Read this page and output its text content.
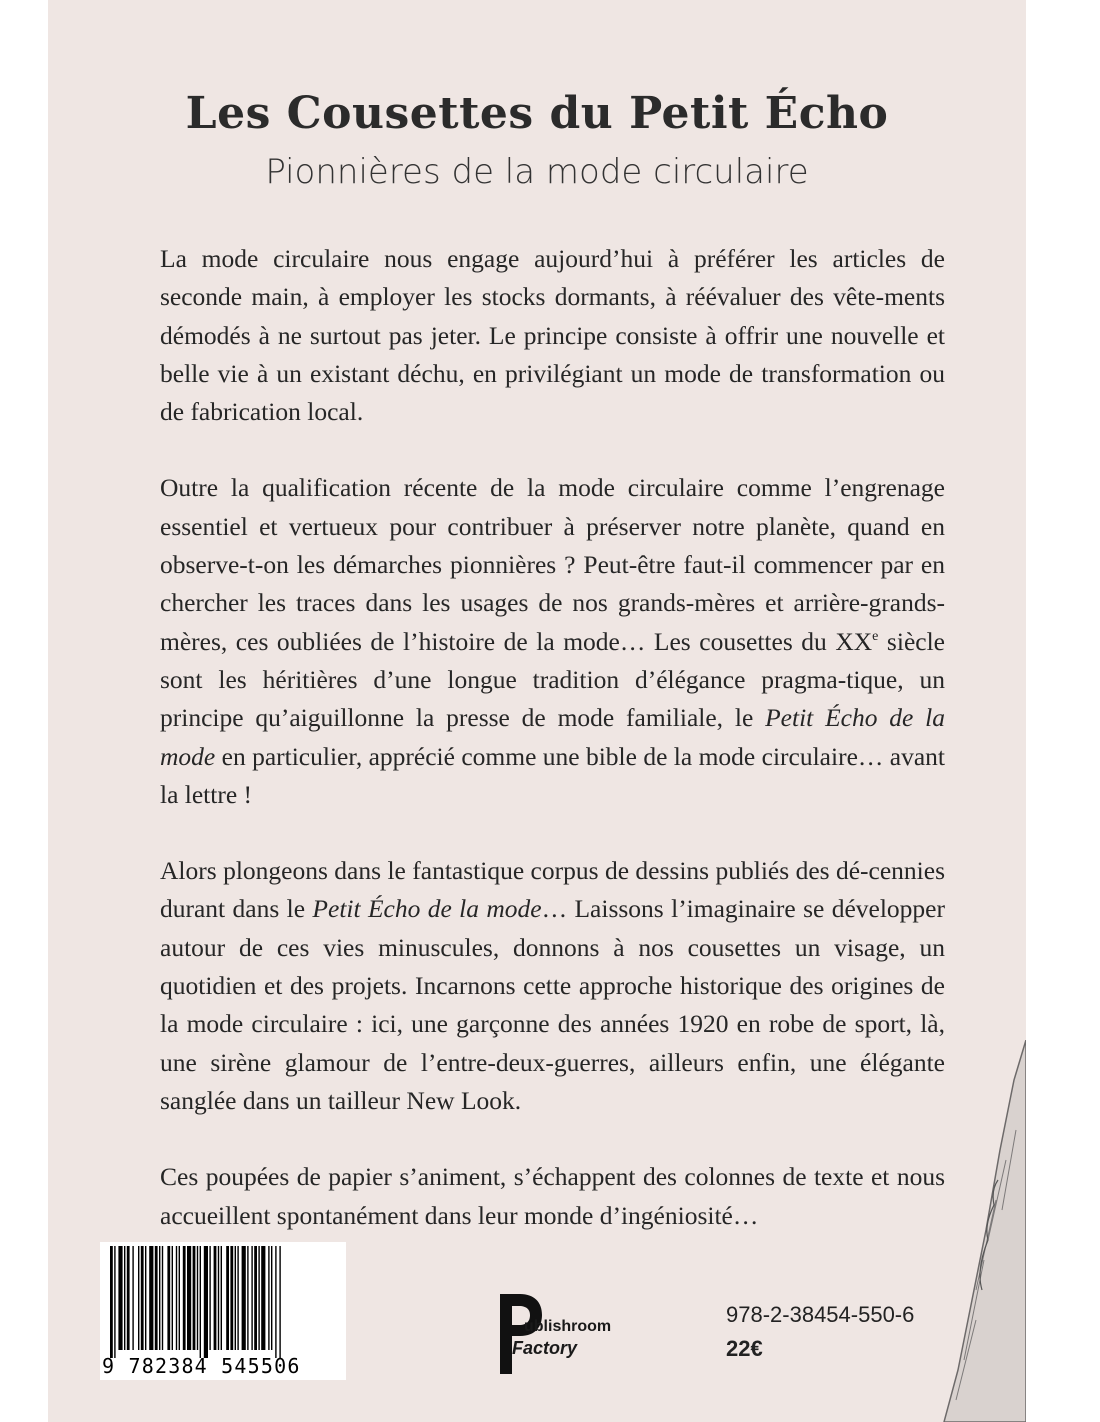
Les Cousettes du Petit Écho
Pionnières de la mode circulaire

La mode circulaire nous engage aujourd’hui à préférer les articles de seconde main, à employer les stocks dormants, à réévaluer des vête-ments démodés à ne surtout pas jeter. Le principe consiste à offrir une nouvelle et belle vie à un existant déchu, en privilégiant un mode de transformation ou de fabrication local.

Outre la qualification récente de la mode circulaire comme l’engrenage essentiel et vertueux pour contribuer à préserver notre planète, quand en observe-t-on les démarches pionnières ? Peut-être faut-il commencer par en chercher les traces dans les usages de nos grands-mères et arrière-grands-mères, ces oubliées de l’histoire de la mode… Les cousettes du XXe siècle sont les héritières d’une longue tradition d’élégance pragma-tique, un principe qu’aiguillonne la presse de mode familiale, le Petit Écho de la mode en particulier, apprécié comme une bible de la mode circulaire… avant la lettre !

Alors plongeons dans le fantastique corpus de dessins publiés des dé-cennies durant dans le Petit Écho de la mode… Laissons l’imaginaire se développer autour de ces vies minuscules, donnons à nos cousettes un visage, un quotidien et des projets. Incarnons cette approche historique des origines de la mode circulaire : ici, une garçonne des années 1920 en robe de sport, là, une sirène glamour de l’entre-deux-guerres, ailleurs enfin, une élégante sanglée dans un tailleur New Look.

Ces poupées de papier s’animent, s’échappent des colonnes de texte et nous accueillent spontanément dans leur monde d’ingéniosité…

9 782384 545506
ublishroom
Factory
978-2-38454-550-6
22€
